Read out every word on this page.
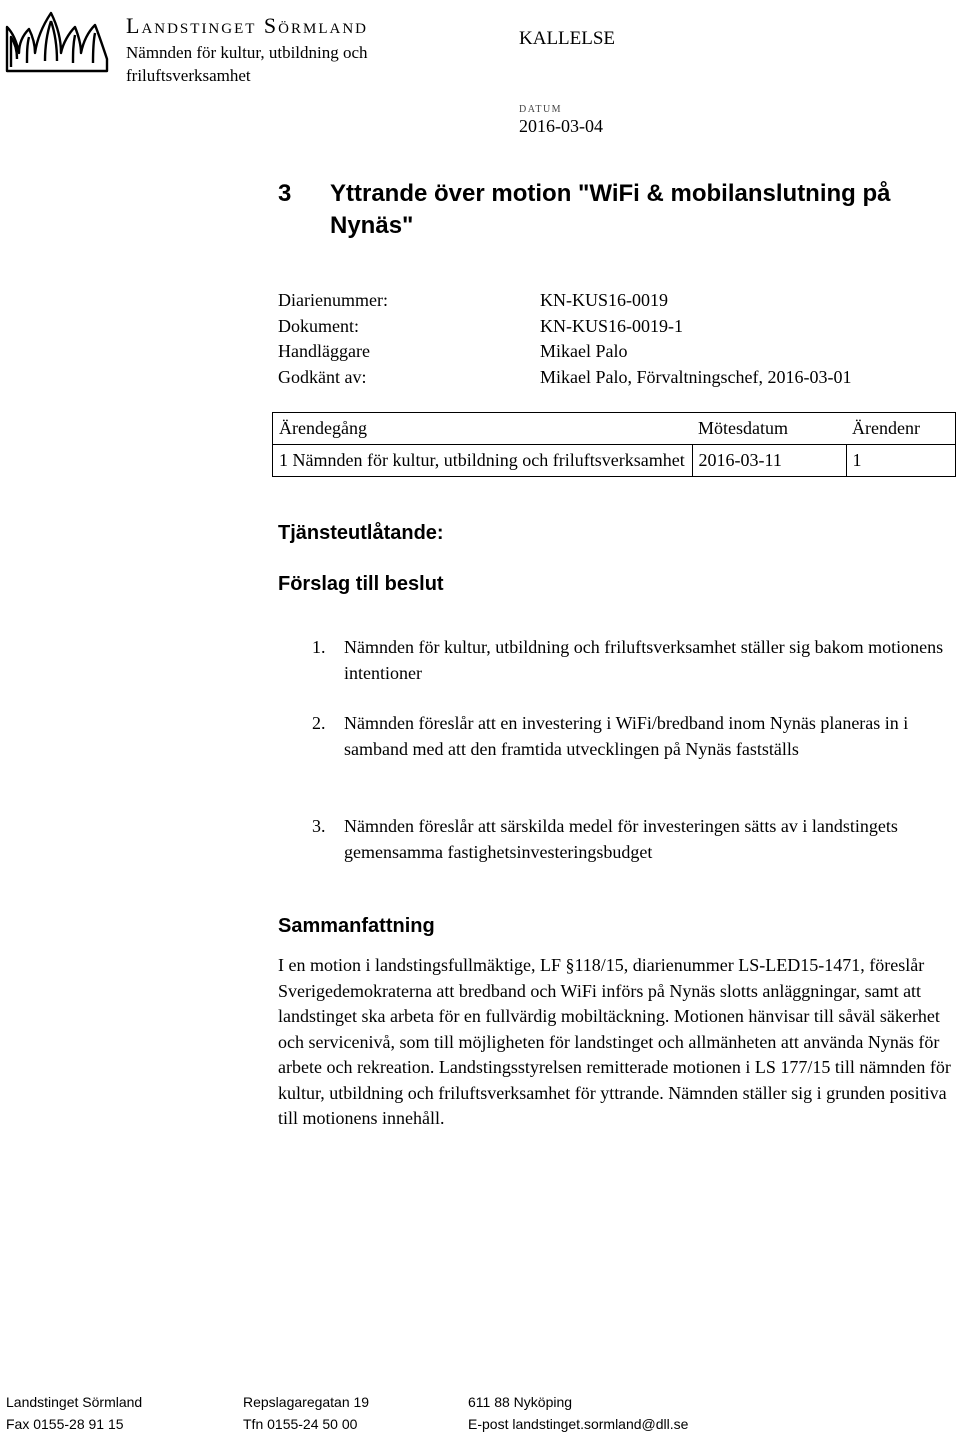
Landstinget Sörmland
Nämnden för kultur, utbildning och friluftsverksamhet
KALLELSE
DATUM
2016-03-04
3 Yttrande över motion "WiFi & mobilanslutning på Nynäs"
Diarienummer:	KN-KUS16-0019
Dokument:	KN-KUS16-0019-1
Handläggare	Mikael Palo
Godkänt av:	Mikael Palo, Förvaltningschef, 2016-03-01
Ärendegång	Mötesdatum	Ärendenr
1 Nämnden för kultur, utbildning och friluftsverksamhet	2016-03-11	1
Tjänsteutlåtande:
Förslag till beslut
1. Nämnden för kultur, utbildning och friluftsverksamhet ställer sig bakom motionens intentioner
2. Nämnden föreslår att en investering i WiFi/bredband inom Nynäs planeras in i samband med att den framtida utvecklingen på Nynäs fastställs
3. Nämnden föreslår att särskilda medel för investeringen sätts av i landstingets gemensamma fastighetsinvesteringsbudget
Sammanfattning
I en motion i landstingsfullmäktige, LF §118/15, diarienummer LS-LED15-1471, föreslår Sverigedemokraterna att bredband och WiFi införs på Nynäs slotts anläggningar, samt att landstinget ska arbeta för en fullvärdig mobiltäckning. Motionen hänvisar till såväl säkerhet och servicenivå, som till möjligheten för landstinget och allmänheten att använda Nynäs för arbete och rekreation. Landstingsstyrelsen remitterade motionen i LS 177/15 till nämnden för kultur, utbildning och friluftsverksamhet för yttrande. Nämnden ställer sig i grunden positiva till motionens innehåll.
Landstinget Sörmland	Repslagaregatan 19	611 88 Nyköping
Fax 0155-28 91 15	Tfn 0155-24 50 00	E-post landstinget.sormland@dll.se
